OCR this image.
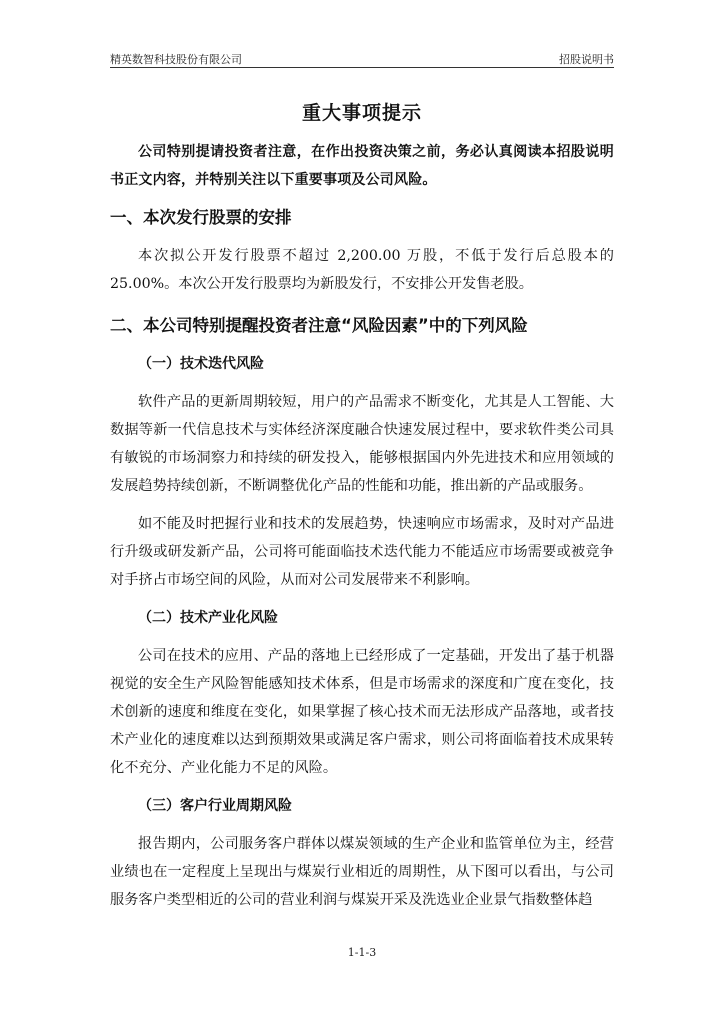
精英数智科技股份有限公司	招股说明书
重大事项提示

公司特别提请投资者注意，在作出投资决策之前，务必认真阅读本招股说明书正文内容，并特别关注以下重要事项及公司风险。

一、本次发行股票的安排

本次拟公开发行股票不超过 2,200.00 万股，不低于发行后总股本的 25.00%。本次公开发行股票均为新股发行，不安排公开发售老股。

二、本公司特别提醒投资者注意“风险因素”中的下列风险
（一）技术迭代风险

软件产品的更新周期较短，用户的产品需求不断变化，尤其是人工智能、大数据等新一代信息技术与实体经济深度融合快速发展过程中，要求软件类公司具有敏锐的市场洞察力和持续的研发投入，能够根据国内外先进技术和应用领域的发展趋势持续创新，不断调整优化产品的性能和功能，推出新的产品或服务。

如不能及时把握行业和技术的发展趋势，快速响应市场需求，及时对产品进行升级或研发新产品，公司将可能面临技术迭代能力不能适应市场需要或被竞争对手挤占市场空间的风险，从而对公司发展带来不利影响。

（二）技术产业化风险

公司在技术的应用、产品的落地上已经形成了一定基础，开发出了基于机器视觉的安全生产风险智能感知技术体系，但是市场需求的深度和广度在变化，技术创新的速度和维度在变化，如果掌握了核心技术而无法形成产品落地，或者技术产业化的速度难以达到预期效果或满足客户需求，则公司将面临着技术成果转化不充分、产业化能力不足的风险。

（三）客户行业周期风险

报告期内，公司服务客户群体以煤炭领域的生产企业和监管单位为主，经营业绩也在一定程度上呈现出与煤炭行业相近的周期性，从下图可以看出，与公司服务客户类型相近的公司的营业利润与煤炭开采及洗选业企业景气指数整体趋

1-1-3
